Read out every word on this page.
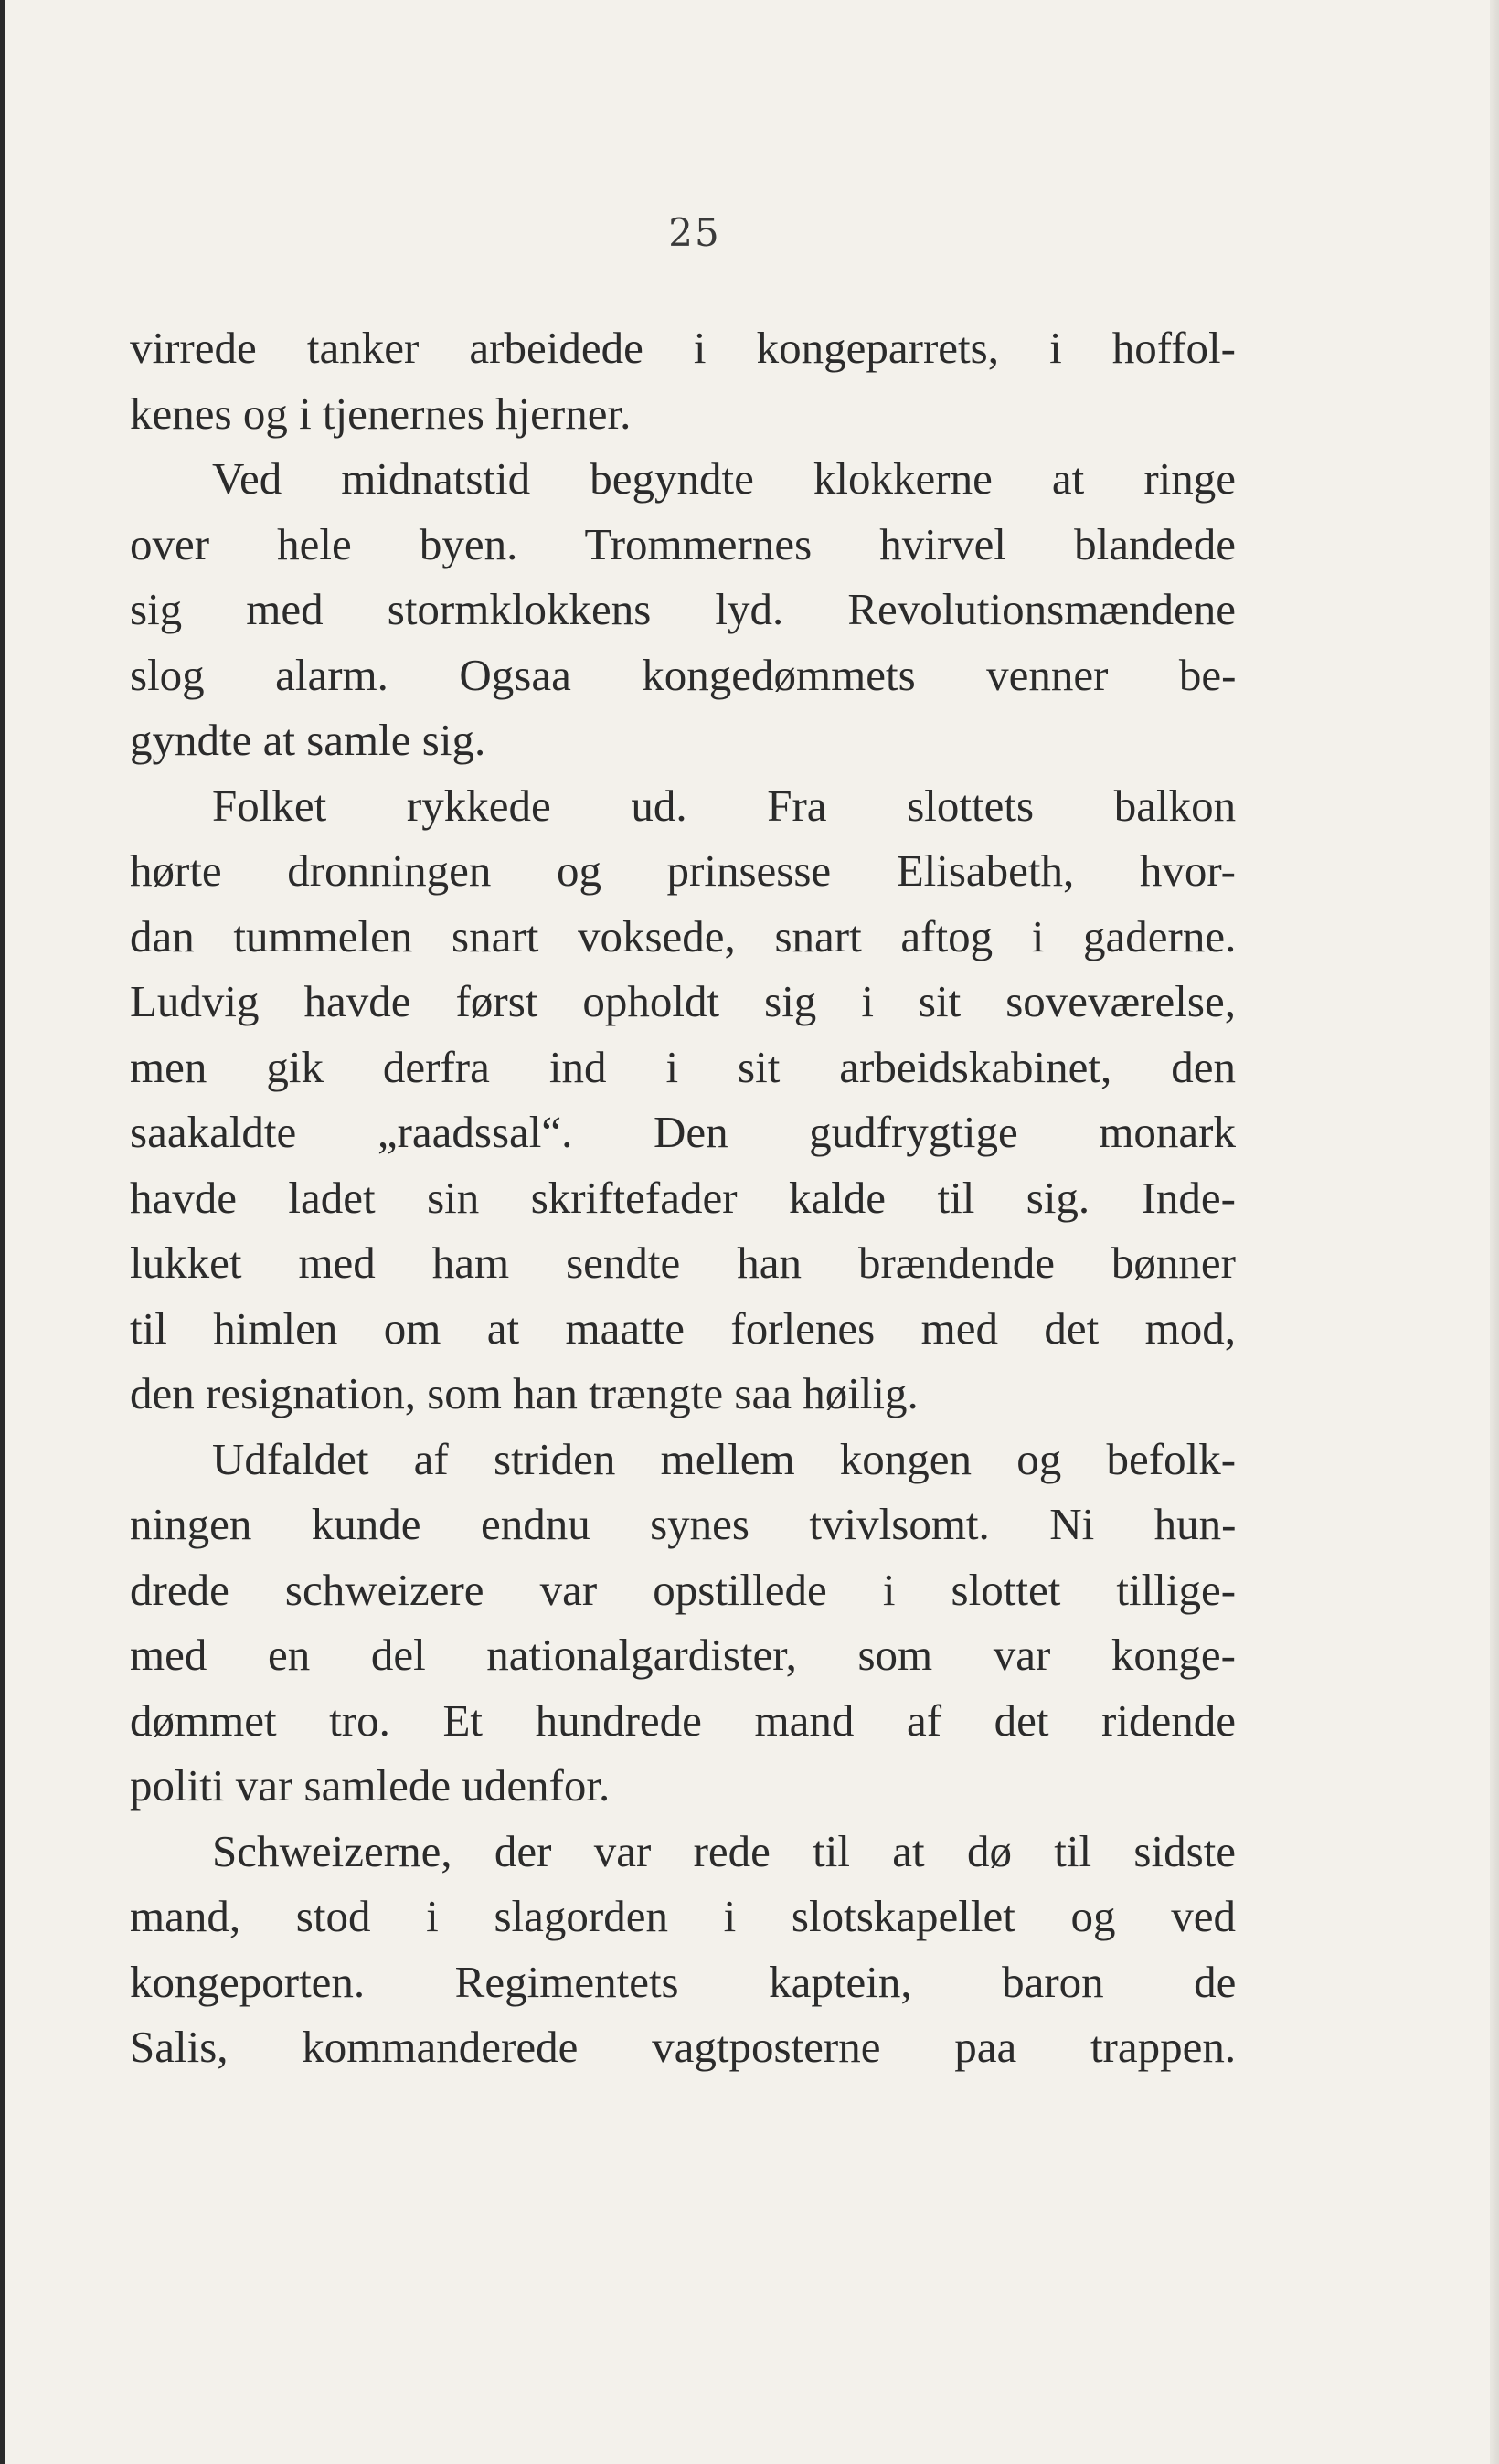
25
virrede tanker arbeidede i kongeparrets, i hoffol-
kenes og i tjenernes hjerner.
Ved midnatstid begyndte klokkerne at ringe
over hele byen. Trommernes hvirvel blandede
sig med stormklokkens lyd. Revolutionsmændene
slog alarm. Ogsaa kongedømmets venner be-
gyndte at samle sig.
Folket rykkede ud. Fra slottets balkon
hørte dronningen og prinsesse Elisabeth, hvor-
dan tummelen snart voksede, snart aftog i gaderne.
Ludvig havde først opholdt sig i sit soveværelse,
men gik derfra ind i sit arbeidskabinet, den
saakaldte „raadssal“. Den gudfrygtige monark
havde ladet sin skriftefader kalde til sig. Inde-
lukket med ham sendte han brændende bønner
til himlen om at maatte forlenes med det mod,
den resignation, som han trængte saa høilig.
Udfaldet af striden mellem kongen og befolk-
ningen kunde endnu synes tvivlsomt. Ni hun-
drede schweizere var opstillede i slottet tillige-
med en del nationalgardister, som var konge-
dømmet tro. Et hundrede mand af det ridende
politi var samlede udenfor.
Schweizerne, der var rede til at dø til sidste
mand, stod i slagorden i slotskapellet og ved
kongeporten. Regimentets kaptein, baron de
Salis, kommanderede vagtposterne paa trappen.
